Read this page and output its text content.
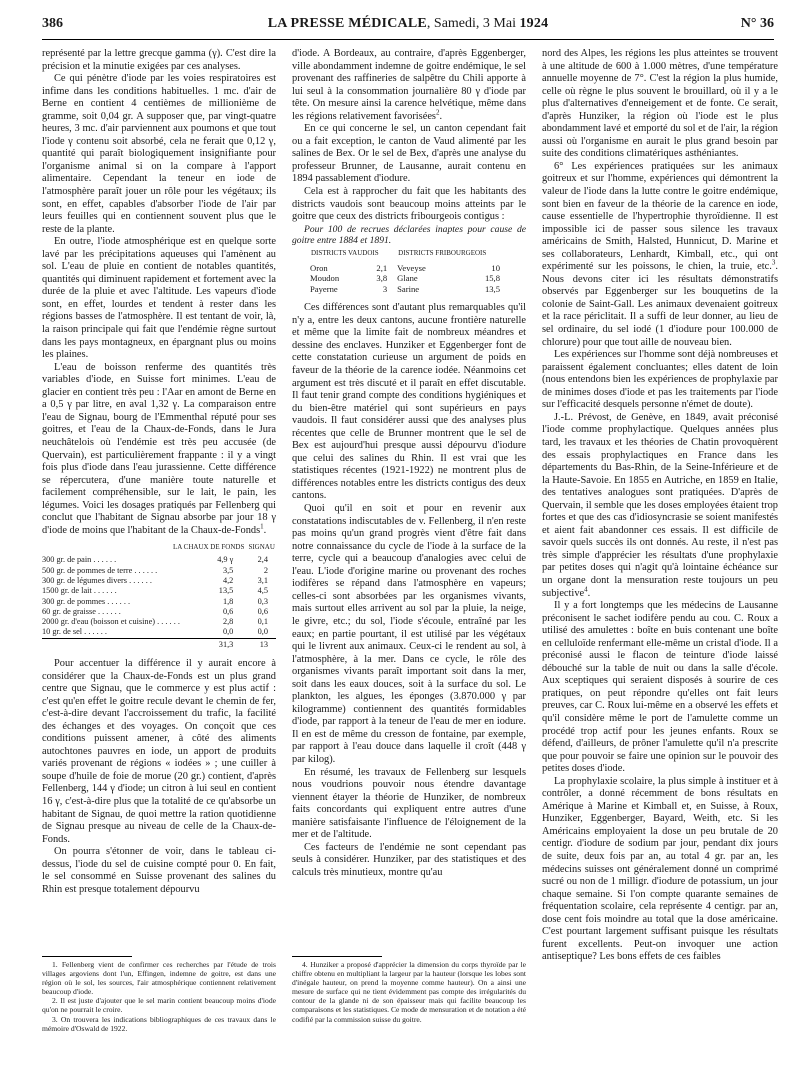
386	LA PRESSE MÉDICALE, Samedi, 3 Mai 1924	N° 36

représenté par la lettre grecque gamma (γ). C'est dire la précision et la minutie exigées par ces analyses.

Ce qui pénètre d'iode par les voies respiratoires est infime dans les conditions habituelles. 1 mc. d'air de Berne en contient 4 centièmes de millionième de gramme, soit 0,04 gr. A supposer que, par vingt-quatre heures, 3 mc. d'air parviennent aux poumons et que tout l'iode γ contenu soit absorbé, cela ne ferait que 0,12 γ, quantité qui paraît biologiquement insignifiante pour l'organisme animal si on la compare à l'apport alimentaire. Cependant la teneur en iode de l'atmosphère paraît jouer un rôle pour les végétaux; ils sont, en effet, capables d'absorber l'iode de l'air par leurs feuilles qui en contiennent souvent plus que le reste de la plante.

En outre, l'iode atmosphérique est en quelque sorte lavé par les précipitations aqueuses qui l'amènent au sol. L'eau de pluie en contient de notables quantités, quantités qui diminuent rapidement et fortement avec la durée de la pluie et avec l'altitude. Les vapeurs d'iode sont, en effet, lourdes et tendent à rester dans les régions basses de l'atmosphère. Il est tentant de voir, là, la raison principale qui fait que l'endémie règne surtout dans les pays montagneux, en épargnant plus ou moins les plaines.

L'eau de boisson renferme des quantités très variables d'iode, en Suisse fort minimes. L'eau de glacier en contient très peu : l'Aar en amont de Berne en a 0,5 γ par litre, en aval 1,32 γ. La comparaison entre l'eau de Signau, bourg de l'Emmenthal réputé pour ses goitres, et l'eau de la Chaux-de-Fonds, dans le Jura neuchâtelois où l'endémie est très peu accusée (de Quervain), est particulièrement frappante : il y a vingt fois plus d'iode dans l'eau jurassienne. Cette différence se répercutera, d'une manière toute naturelle et facilement compréhensible, sur le lait, le pain, les légumes. Voici les dosages pratiqués par Fellenberg qui conclut que l'habitant de Signau absorbe par jour 18 γ d'iode de moins que l'habitant de la Chaux-de-Fonds$^1$.

	LA CHAUX DE FONDS	SIGNAU
300 gr. de pain . . . . . .	4,9 γ	2,4
500 gr. de pommes de terre . . . . . .	3,5	2
300 gr. de légumes divers . . . . . .	4,2	3,1
1500 gr. de lait . . . . . .	13,5	4,5
300 gr. de pommes . . . . . .	1,8	0,3
60 gr. de graisse . . . . . .	0,6	0,6
2000 gr. d'eau (boisson et cuisine) . . . . . .	2,8	0,1
10 gr. de sel . . . . . .	0,0	0,0
	31,3	13

Pour accentuer la différence il y aurait encore à considérer que la Chaux-de-Fonds est un plus grand centre que Signau, que le commerce y est plus actif : c'est qu'en effet le goitre recule devant le chemin de fer, c'est-à-dire devant l'accroissement du trafic, la facilité des échanges et des voyages. On conçoit que ces conditions puissent amener, à côté des aliments autochtones pauvres en iode, un apport de produits variés provenant de régions « iodées » ; une cuiller à soupe d'huile de foie de morue (20 gr.) contient, d'après Fellenberg, 144 γ d'iode; un citron à lui seul en contient 16 γ, c'est-à-dire plus que la totalité de ce qu'absorbe un habitant de Signau, de quoi mettre la ration quotidienne de Signau presque au niveau de celle de la Chaux-de-Fonds.

On pourra s'étonner de voir, dans le tableau ci-dessus, l'iode du sel de cuisine compté pour 0. En fait, le sel consommé en Suisse provenant des salines du Rhin est presque totalement dépourvu

d'iode. A Bordeaux, au contraire, d'après Eggenberger, ville abondamment indemne de goitre endémique, le sel provenant des raffineries de salpêtre du Chili apporte à lui seul à la consommation journalière 80 γ d'iode par tête. On mesure ainsi la carence helvétique, même dans les régions relativement favorisées$^2$.

En ce qui concerne le sel, un canton cependant fait ou a fait exception, le canton de Vaud alimenté par les salines de Bex. Or le sel de Bex, d'après une analyse du professeur Brunner, de Lausanne, aurait contenu en 1894 passablement d'iodure.

Cela est à rapprocher du fait que les habitants des districts vaudois sont beaucoup moins atteints par le goitre que ceux des districts fribourgeois contigus :

Pour 100 de recrues déclarées inaptes pour cause de goitre entre 1884 et 1891.

DISTRICTS VAUDOIS		DISTRICTS FRIBOURGEOIS	
Oron	2,1	Veveyse	10
Moudon	3,8	Glane	15,8
Payerne	3	Sarine	13,5

Ces différences sont d'autant plus remarquables qu'il n'y a, entre les deux cantons, aucune frontière naturelle et même que la limite fait de nombreux méandres et dessine des enclaves. Hunziker et Eggenberger font de cette constatation curieuse un argument de poids en faveur de la théorie de la carence iodée. Néanmoins cet argument est très discuté et il paraît en effet discutable. Il faut tenir grand compte des conditions hygiéniques et du bien-être matériel qui sont supérieurs en pays vaudois. Il faut considérer aussi que des analyses plus récentes que celle de Brunner montrent que le sel de Bex est aujourd'hui presque aussi dépourvu d'iodure que celui des salines du Rhin. Il est vrai que les statistiques récentes (1921-1922) ne montrent plus de différences notables entre les districts contigus des deux cantons.

Quoi qu'il en soit et pour en revenir aux constatations indiscutables de v. Fellenberg, il n'en reste pas moins qu'un grand progrès vient d'être fait dans notre connaissance du cycle de l'iode à la surface de la terre, cycle qui a beaucoup d'analogies avec celui de l'eau. L'iode d'origine marine ou provenant des roches iodifères se répand dans l'atmosphère en vapeurs; celles-ci sont absorbées par les organismes vivants, mais surtout elles arrivent au sol par la pluie, la neige, le givre, etc.; du sol, l'iode s'écoule, entraîné par les eaux; en partie pourtant, il est utilisé par les végétaux qui le livrent aux animaux. Ceux-ci le rendent au sol, à l'atmosphère, à la mer. Dans ce cycle, le rôle des organismes vivants paraît important soit dans la mer, soit dans les eaux douces, soit à la surface du sol. Le plankton, les algues, les éponges (3.870.000 γ par kilogramme) contiennent des quantités formidables d'iode, par rapport à la teneur de l'eau de mer en iodure. Il en est de même du cresson de fontaine, par exemple, par rapport à l'eau douce dans laquelle il croît (448 γ par kilog).

En résumé, les travaux de Fellenberg sur lesquels nous voudrions pouvoir nous étendre davantage viennent étayer la théorie de Hunziker, de nombreux faits concordants qui expliquent entre autres d'une manière satisfaisante l'influence de l'éloignement de la mer et de l'altitude.

Ces facteurs de l'endémie ne sont cependant pas seuls à considérer. Hunziker, par des statistiques et des calculs très minutieux, montre qu'au

nord des Alpes, les régions les plus atteintes se trouvent à une altitude de 600 à 1.000 mètres, d'une température annuelle moyenne de 7°. C'est la région la plus humide, celle où règne le plus souvent le brouillard, où il y a le plus d'alternatives d'enneigement et de fonte. Ce serait, d'après Hunziker, la région où l'iode est le plus abondamment lavé et emporté du sol et de l'air, la région aussi où l'organisme en aurait le plus grand besoin par suite des conditions climatériques asthéniantes.

6° Les expériences pratiquées sur les animaux goitreux et sur l'homme, expériences qui démontrent la valeur de l'iode dans la lutte contre le goitre endémique, sont bien en faveur de la théorie de la carence en iode, cause essentielle de l'hypertrophie thyroïdienne. Il est impossible ici de passer sous silence les travaux américains de Smith, Halsted, Hunnicut, D. Marine et ses collaborateurs, Lenhardt, Kimball, etc., qui ont expérimenté sur les poissons, le chien, la truie, etc.$^3$. Nous devons citer ici les résultats démonstratifs observés par Eggenberger sur les bouquetins de la colonie de Saint-Gall. Les animaux devenaient goitreux et la race périclitait. Il a suffi de leur donner, au lieu de sel ordinaire, du sel iodé (1 d'iodure pour 100.000 de chlorure) pour que tout aille de nouveau bien.

Les expériences sur l'homme sont déjà nombreuses et paraissent également concluantes; elles datent de loin (nous entendons bien les expériences de prophylaxie par de minimes doses d'iode et pas les traitements par l'iode sur l'efficacité desquels personne n'émet de doute).

J.-L. Prévost, de Genève, en 1849, avait préconisé l'iode comme prophylactique. Quelques années plus tard, les travaux et les théories de Chatin provoquèrent des essais prophylactiques en France dans les départements du Bas-Rhin, de la Seine-Inférieure et de la Haute-Savoie. En 1855 en Autriche, en 1859 en Italie, des tentatives analogues sont pratiquées. D'après de Quervain, il semble que les doses employées étaient trop fortes et que des cas d'idiosyncrasie se soient manifestés et aient fait abandonner ces essais. Il est difficile de savoir quels succès ils ont donnés. Au reste, il n'est pas très simple d'apprécier les résultats d'une prophylaxie par petites doses qui n'agit qu'à lointaine échéance sur un organe dont la mensuration reste toujours un peu subjective$^4$.

Il y a fort longtemps que les médecins de Lausanne préconisent le sachet iodifère pendu au cou. C. Roux a utilisé des amulettes : boîte en buis contenant une boîte en celluloïde renfermant elle-même un cristal d'iode. Il a préconisé aussi le flacon de teinture d'iode laissé débouché sur la table de nuit ou dans la salle d'école. Aux sceptiques qui seraient disposés à sourire de ces pratiques, on peut répondre qu'elles ont fait leurs preuves, car C. Roux lui-même en a observé les effets et qu'il considère même le port de l'amulette comme un procédé trop actif pour les jeunes enfants. Roux se défend, d'ailleurs, de prôner l'amulette qu'il n'a prescrite que pour pouvoir se faire une opinion sur le pouvoir des petites doses d'iode.

La prophylaxie scolaire, la plus simple à instituer et à contrôler, a donné récemment de bons résultats en Amérique à Marine et Kimball et, en Suisse, à Roux, Hunziker, Eggenberger, Bayard, Weith, etc. Si les Américains employaient la dose un peu brutale de 20 centigr. d'iodure de sodium par jour, pendant dix jours de suite, deux fois par an, au total 4 gr. par an, les médecins suisses ont généralement donné un comprimé sucré ou non de 1 milligr. d'iodure de potassium, un jour chaque semaine. Si l'on compte quarante semaines de fréquentation scolaire, cela représente 4 centigr. par an, dose cent fois moindre au total que la dose américaine. C'est pourtant largement suffisant puisque les résultats furent excellents. Peut-on invoquer une action antiseptique? Les bons effets de ces faibles

1. Fellenberg vient de confirmer ces recherches par l'étude de trois villages argoviens dont l'un, Effingen, indemne de goitre, est dans une région où le sol, les sources, l'air atmosphérique contiennent relativement beaucoup d'iode.

2. Il est juste d'ajouter que le sel marin contient beaucoup moins d'iode qu'on ne pourrait le croire.

3. On trouvera les indications bibliographiques de ces travaux dans le mémoire d'Oswald de 1922.

4. Hunziker a proposé d'apprécier la dimension du corps thyroïde par le chiffre obtenu en multipliant la largeur par la hauteur (lorsque les lobes sont d'inégale hauteur, on prend la moyenne comme hauteur). On a ainsi une mesure de surface qui ne tient évidemment pas compte des irrégularités du contour de la glande ni de son épaisseur mais qui facilite beaucoup les comparaisons et les statistiques. Ce mode de mensuration et de notation a été codifié par la commission suisse du goitre.
